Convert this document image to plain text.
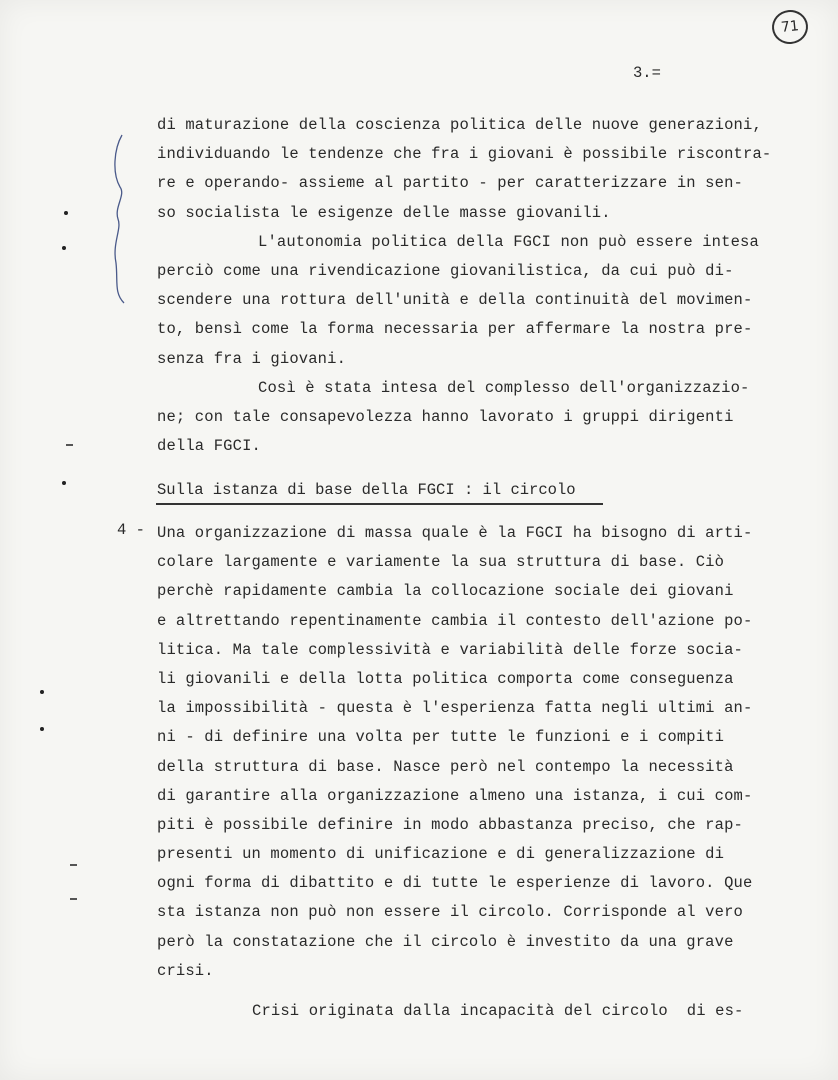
71
3.=
di maturazione della coscienza politica delle nuove generazioni,
individuando le tendenze che fra i giovani è possibile riscontra-
re e operando- assieme al partito - per caratterizzare in sen-
so socialista le esigenze delle masse giovanili.
L'autonomia politica della FGCI non può essere intesa
perciò come una rivendicazione giovanilistica, da cui può di-
scendere una rottura dell'unità e della continuità del movimen-
to, bensì come la forma necessaria per affermare la nostra pre-
senza fra i giovani.
Così è stata intesa del complesso dell'organizzazio-
ne; con tale consapevolezza hanno lavorato i gruppi dirigenti
della FGCI.
Sulla istanza di base della FGCI : il circolo
4 - Una organizzazione di massa quale è la FGCI ha bisogno di arti-
colare largamente e variamente la sua struttura di base. Ciò
perchè rapidamente cambia la collocazione sociale dei giovani
e altrettando repentinamente cambia il contesto dell'azione po-
litica. Ma tale complessività e variabilità delle forze socia-
li giovanili e della lotta politica comporta come conseguenza
la impossibilità - questa è l'esperienza fatta negli ultimi an-
ni - di definire una volta per tutte le funzioni e i compiti
della struttura di base. Nasce però nel contempo la necessità
di garantire alla organizzazione almeno una istanza, i cui com-
piti è possibile definire in modo abbastanza preciso, che rap-
presenti un momento di unificazione e di generalizzazione di
ogni forma di dibattito e di tutte le esperienze di lavoro. Que
sta istanza non può non essere il circolo. Corrisponde al vero
però la constatazione che il circolo è investito da una grave
crisi.
Crisi originata dalla incapacità del circolo  di es-
